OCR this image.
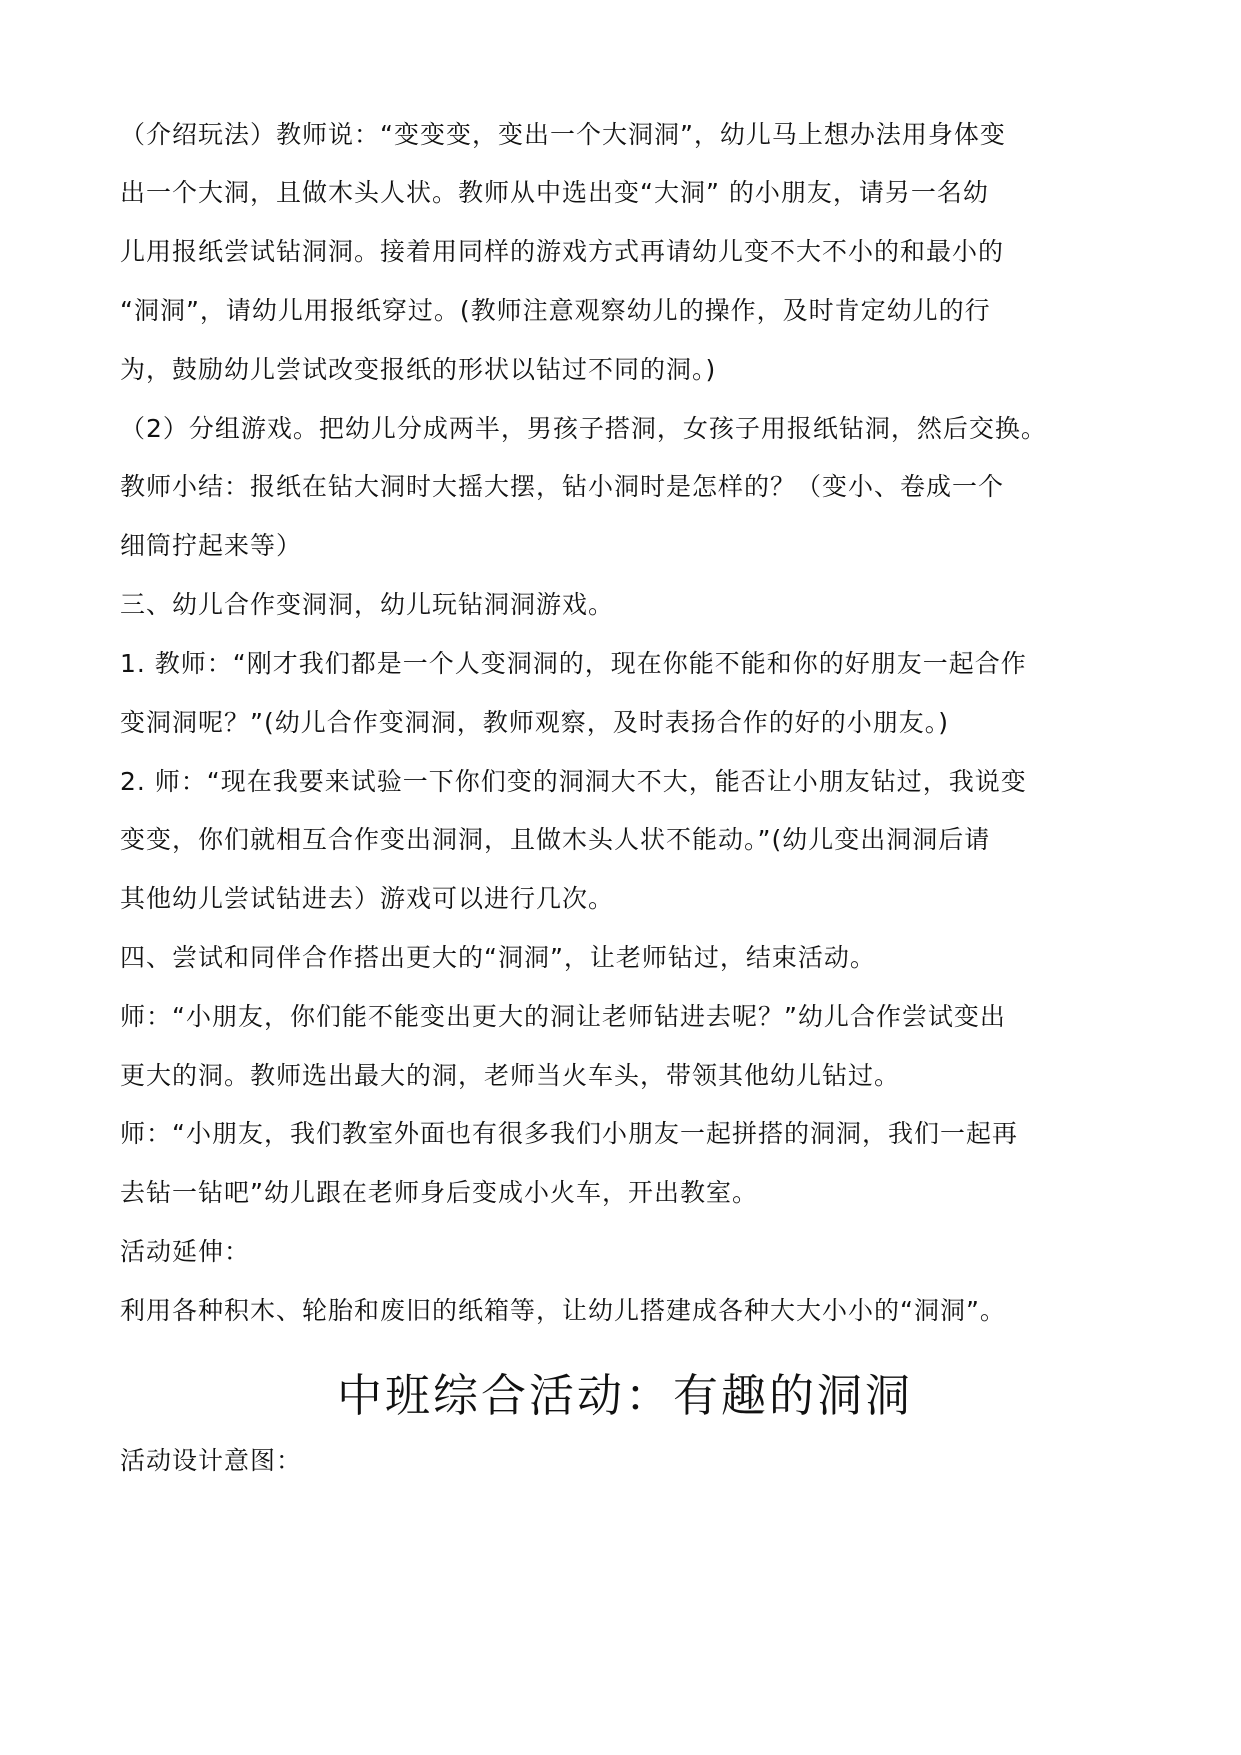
（介绍玩法）教师说：“变变变，变出一个大洞洞”，幼儿马上想办法用身体变
出一个大洞，且做木头人状。教师从中选出变“大洞” 的小朋友，请另一名幼
儿用报纸尝试钻洞洞。接着用同样的游戏方式再请幼儿变不大不小的和最小的
“洞洞”，请幼儿用报纸穿过。(教师注意观察幼儿的操作，及时肯定幼儿的行
为，鼓励幼儿尝试改变报纸的形状以钻过不同的洞。)
（2）分组游戏。把幼儿分成两半，男孩子搭洞，女孩子用报纸钻洞，然后交换。
教师小结：报纸在钻大洞时大摇大摆，钻小洞时是怎样的？（变小、卷成一个
细筒拧起来等）
三、幼儿合作变洞洞，幼儿玩钻洞洞游戏。
1. 教师：“刚才我们都是一个人变洞洞的，现在你能不能和你的好朋友一起合作
变洞洞呢？”(幼儿合作变洞洞，教师观察，及时表扬合作的好的小朋友。)
2. 师：“现在我要来试验一下你们变的洞洞大不大，能否让小朋友钻过，我说变
变变，你们就相互合作变出洞洞，且做木头人状不能动。”(幼儿变出洞洞后请
其他幼儿尝试钻进去）游戏可以进行几次。
四、尝试和同伴合作搭出更大的“洞洞”，让老师钻过，结束活动。
师：“小朋友，你们能不能变出更大的洞让老师钻进去呢？”幼儿合作尝试变出
更大的洞。教师选出最大的洞，老师当火车头，带领其他幼儿钻过。
师：“小朋友，我们教室外面也有很多我们小朋友一起拼搭的洞洞，我们一起再
去钻一钻吧”幼儿跟在老师身后变成小火车，开出教室。
活动延伸：
利用各种积木、轮胎和废旧的纸箱等，让幼儿搭建成各种大大小小的“洞洞”。
中班综合活动：有趣的洞洞
活动设计意图：
